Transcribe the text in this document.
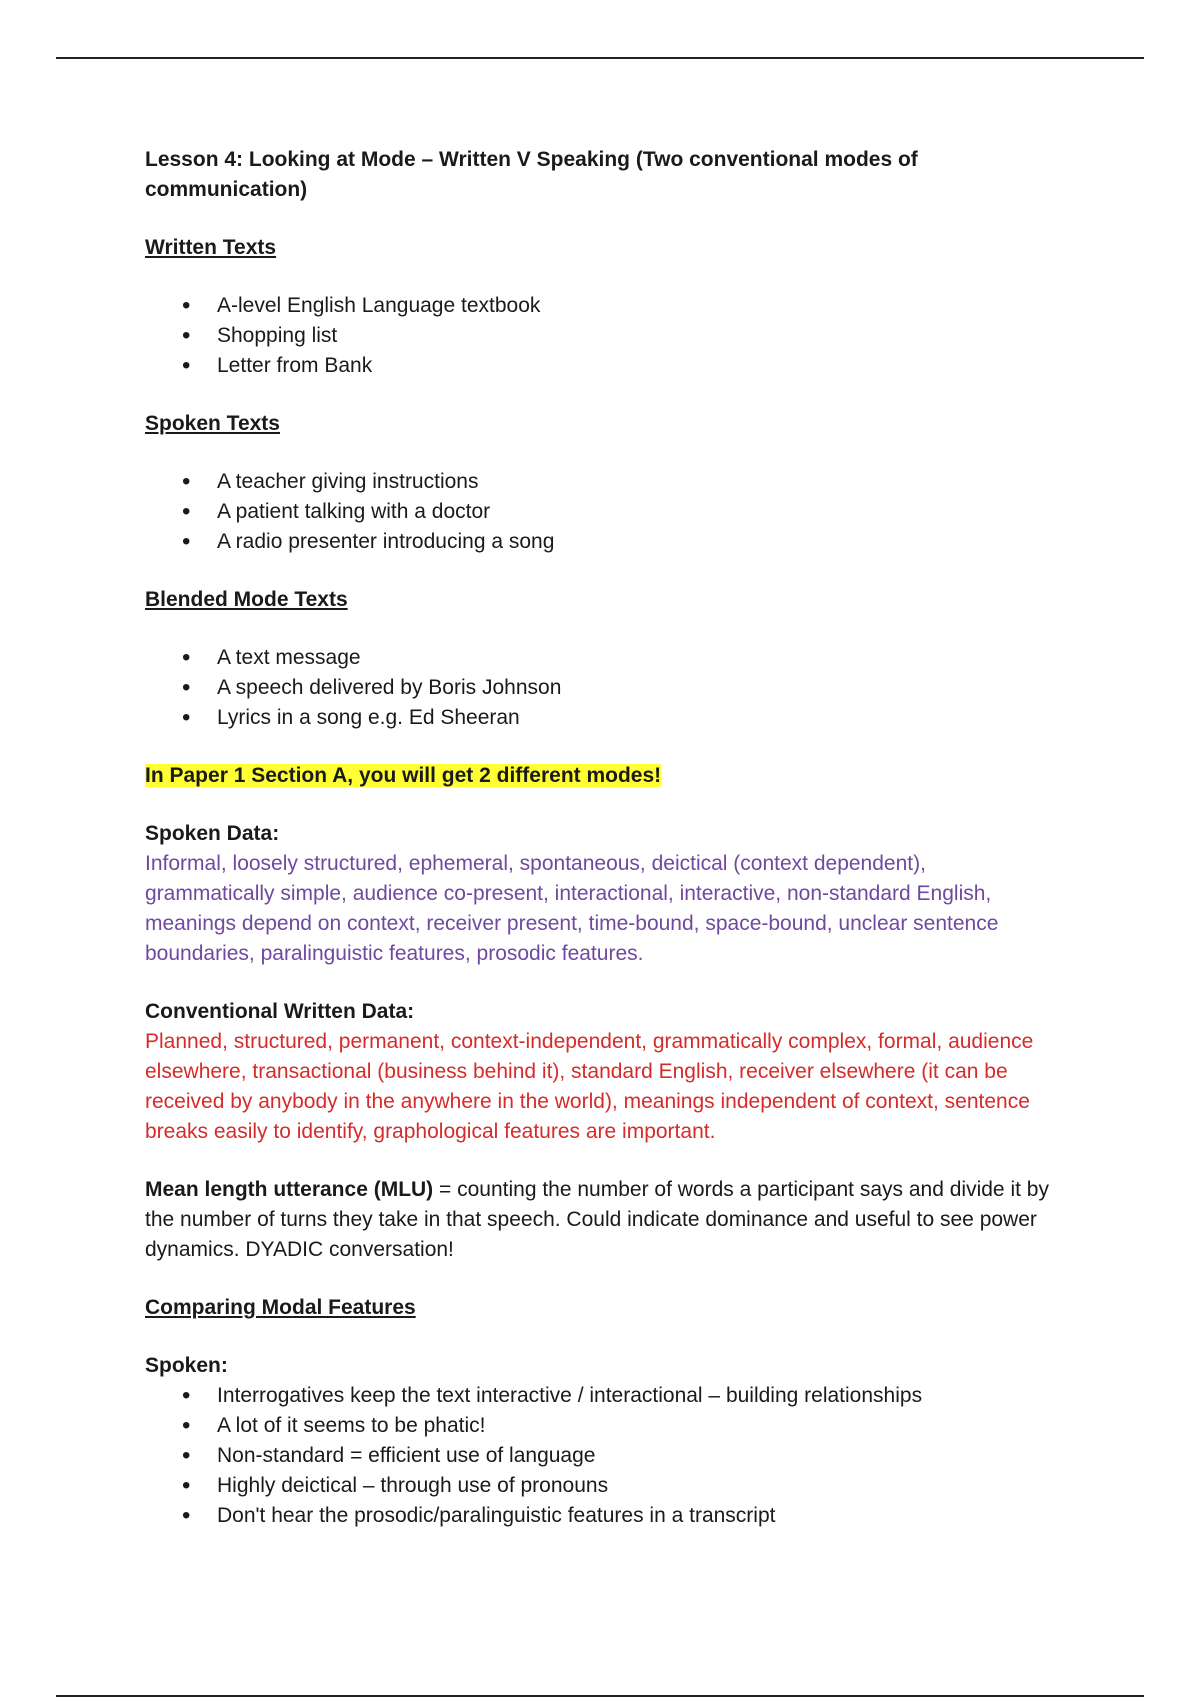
Lesson 4: Looking at Mode – Written V Speaking (Two conventional modes of communication)
Written Texts
• A-level English Language textbook
• Shopping list
• Letter from Bank
Spoken Texts
• A teacher giving instructions
• A patient talking with a doctor
• A radio presenter introducing a song
Blended Mode Texts
• A text message
• A speech delivered by Boris Johnson
• Lyrics in a song e.g. Ed Sheeran
In Paper 1 Section A, you will get 2 different modes!
Spoken Data:
Informal, loosely structured, ephemeral, spontaneous, deictical (context dependent), grammatically simple, audience co-present, interactional, interactive, non-standard English, meanings depend on context, receiver present, time-bound, space-bound, unclear sentence boundaries, paralinguistic features, prosodic features.
Conventional Written Data:
Planned, structured, permanent, context-independent, grammatically complex, formal, audience elsewhere, transactional (business behind it), standard English, receiver elsewhere (it can be received by anybody in the anywhere in the world), meanings independent of context, sentence breaks easily to identify, graphological features are important.
Mean length utterance (MLU) = counting the number of words a participant says and divide it by the number of turns they take in that speech. Could indicate dominance and useful to see power dynamics. DYADIC conversation!
Comparing Modal Features
Spoken:
• Interrogatives keep the text interactive / interactional – building relationships
• A lot of it seems to be phatic!
• Non-standard = efficient use of language
• Highly deictical – through use of pronouns
• Don't hear the prosodic/paralinguistic features in a transcript
